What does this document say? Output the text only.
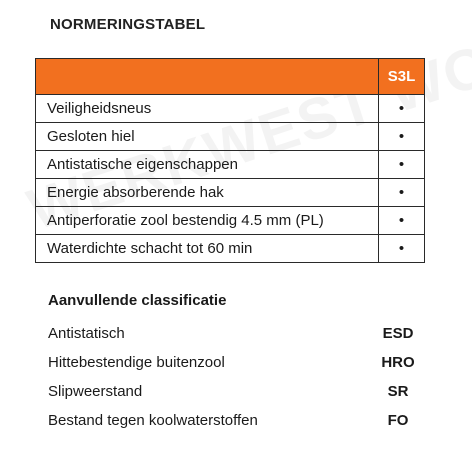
NORMERINGSTABEL
	S3L
Veiligheidsneus	•
Gesloten hiel	•
Antistatische eigenschappen	•
Energie absorberende hak	•
Antiperforatie zool bestendig 4.5 mm (PL)	•
Waterdichte schacht tot 60 min	•
Aanvullende classificatie
Antistatisch	ESD
Hittebestendige buitenzool	HRO
Slipweerstand	SR
Bestand tegen koolwaterstoffen	FO
